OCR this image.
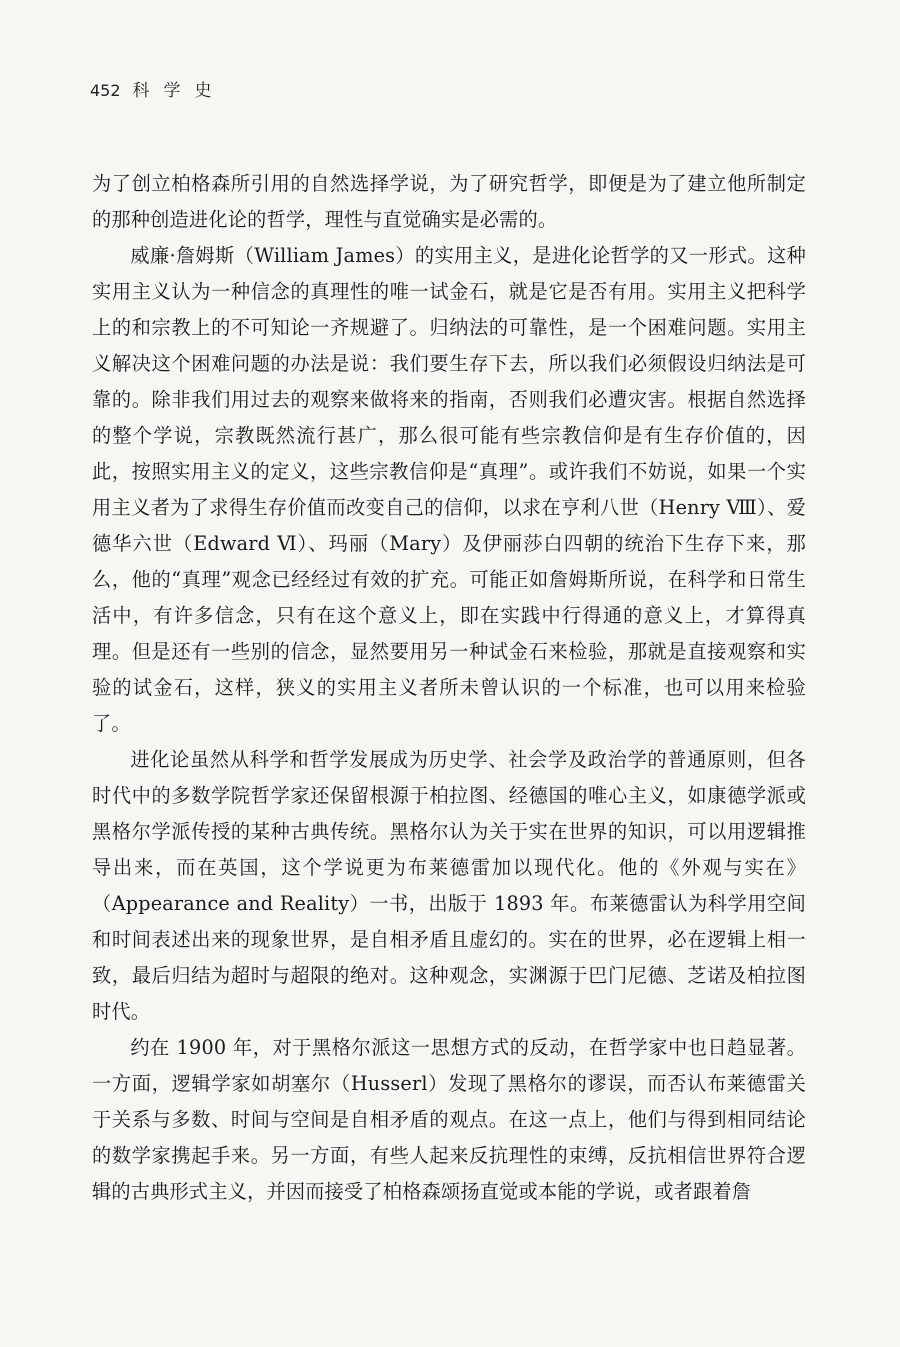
452 科学史

为了创立柏格森所引用的自然选择学说，为了研究哲学，即便是为了建立他所制定的那种创造进化论的哲学，理性与直觉确实是必需的。

威廉·詹姆斯（William James）的实用主义，是进化论哲学的又一形式。这种实用主义认为一种信念的真理性的唯一试金石，就是它是否有用。实用主义把科学上的和宗教上的不可知论一齐规避了。归纳法的可靠性，是一个困难问题。实用主义解决这个困难问题的办法是说：我们要生存下去，所以我们必须假设归纳法是可靠的。除非我们用过去的观察来做将来的指南，否则我们必遭灾害。根据自然选择的整个学说，宗教既然流行甚广，那么很可能有些宗教信仰是有生存价值的，因此，按照实用主义的定义，这些宗教信仰是“真理”。或许我们不妨说，如果一个实用主义者为了求得生存价值而改变自己的信仰，以求在亨利八世（Henry Ⅷ）、爱德华六世（Edward Ⅵ）、玛丽（Mary）及伊丽莎白四朝的统治下生存下来，那么，他的“真理”观念已经经过有效的扩充。可能正如詹姆斯所说，在科学和日常生活中，有许多信念，只有在这个意义上，即在实践中行得通的意义上，才算得真理。但是还有一些别的信念，显然要用另一种试金石来检验，那就是直接观察和实验的试金石，这样，狭义的实用主义者所未曾认识的一个标准，也可以用来检验了。

进化论虽然从科学和哲学发展成为历史学、社会学及政治学的普通原则，但各时代中的多数学院哲学家还保留根源于柏拉图、经德国的唯心主义，如康德学派或黑格尔学派传授的某种古典传统。黑格尔认为关于实在世界的知识，可以用逻辑推导出来，而在英国，这个学说更为布莱德雷加以现代化。他的《外观与实在》（Appearance and Reality）一书，出版于 1893 年。布莱德雷认为科学用空间和时间表述出来的现象世界，是自相矛盾且虚幻的。实在的世界，必在逻辑上相一致，最后归结为超时与超限的绝对。这种观念，实渊源于巴门尼德、芝诺及柏拉图时代。

约在 1900 年，对于黑格尔派这一思想方式的反动，在哲学家中也日趋显著。一方面，逻辑学家如胡塞尔（Husserl）发现了黑格尔的谬误，而否认布莱德雷关于关系与多数、时间与空间是自相矛盾的观点。在这一点上，他们与得到相同结论的数学家携起手来。另一方面，有些人起来反抗理性的束缚，反抗相信世界符合逻辑的古典形式主义，并因而接受了柏格森颂扬直觉或本能的学说，或者跟着詹
